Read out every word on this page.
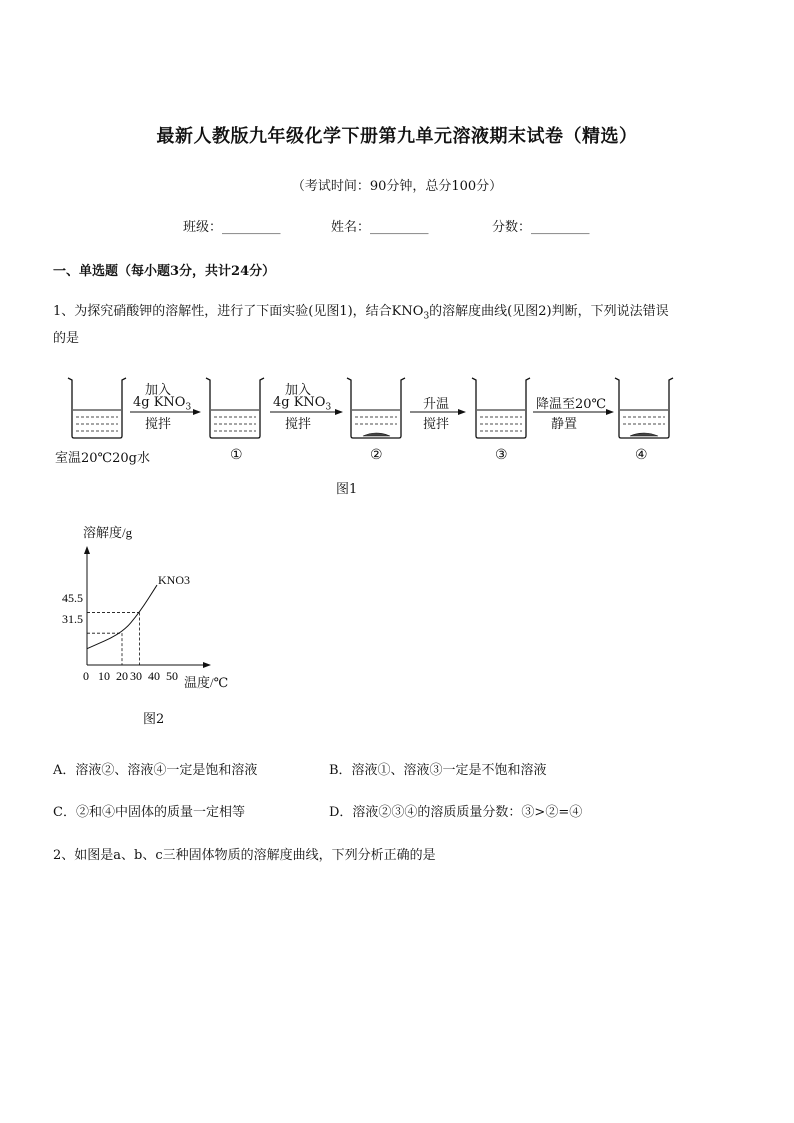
最新人教版九年级化学下册第九单元溶液期末试卷（精选）
（考试时间：90分钟，总分100分）
班级：_________	姓名：_________	分数：_________
一、单选题（每小题3分，共计24分）
1、为探究硝酸钾的溶解性，进行了下面实验(见图1)，结合$KNO_3$的溶解度曲线(见图2)判断，下列说法错误
的是
加入
4g $KNO_3$
搅拌
加入
4g $KNO_3$
搅拌
升温
搅拌
降温至20℃
静置
室温20℃20g水	①	②	③	④
图1
溶解度/g
温度/℃
KNO3
0 10 20 30 40 50
31.5
45.5
图2
A．溶液②、溶液④一定是饱和溶液	B．溶液①、溶液③一定是不饱和溶液
C．②和④中固体的质量一定相等	D．溶液②③④的溶质质量分数：③>②=④
2、如图是a、b、c三种固体物质的溶解度曲线，下列分析正确的是
